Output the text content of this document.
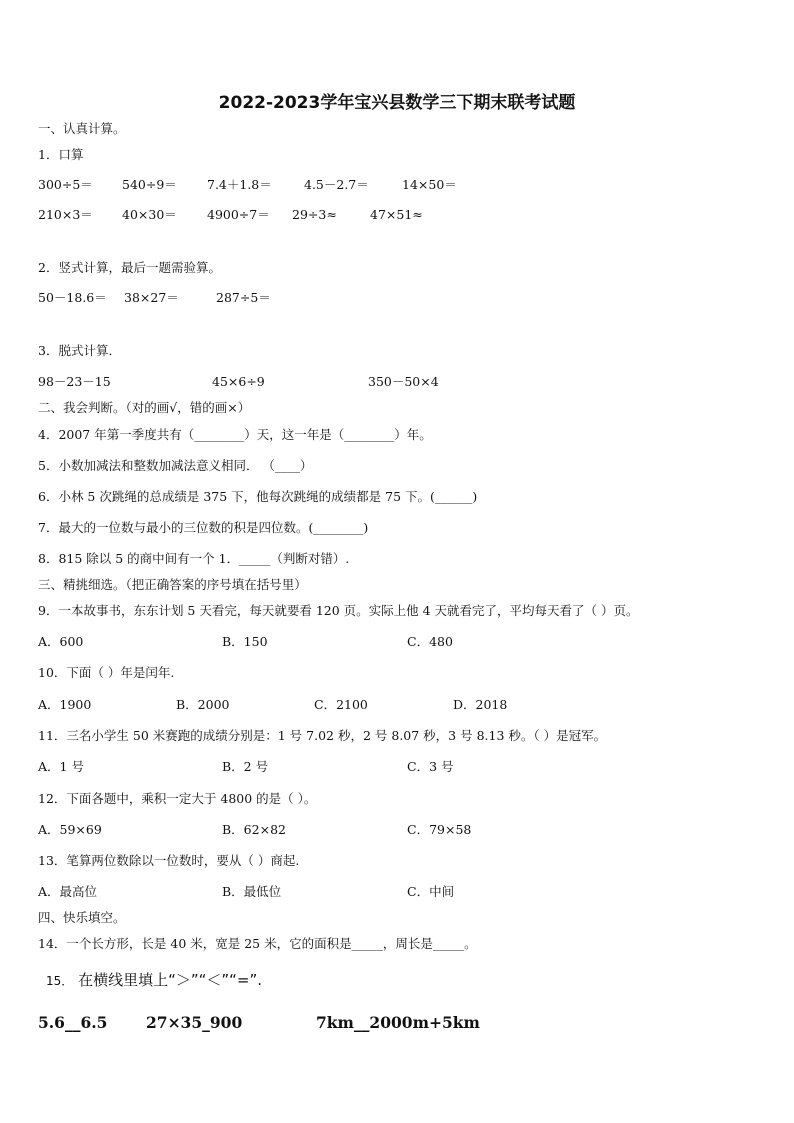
2022-2023学年宝兴县数学三下期末联考试题
一、认真计算。
1．口算
300÷5＝ 540÷9＝ 7.4＋1.8＝	4.5－2.7＝	14×50＝
210×3＝ 40×30＝ 4900÷7＝ 29÷3≈	47×51≈
2．竖式计算，最后一题需验算。
50－18.6＝ 38×27＝	287÷5＝
3．脱式计算．
98－23－15	45×6÷9	350－50×4
二、我会判断。（对的画√，错的画×）
4．2007 年第一季度共有（________）天，这一年是（________）年。
5．小数加减法和整数加减法意义相同． （____）
6．小林 5 次跳绳的总成绩是 375 下，他每次跳绳的成绩都是 75 下。(______)
7．最大的一位数与最小的三位数的积是四位数。(________)
8．815 除以 5 的商中间有一个 1．_____（判断对错）.
三、精挑细选。（把正确答案的序号填在括号里）
9．一本故事书，东东计划 5 天看完，每天就要看 120 页。实际上他 4 天就看完了，平均每天看了（ ）页。
A．600	B．150	C．480
10．下面（ ）年是闰年.
A．1900	B．2000	C．2100	D．2018
11．三名小学生 50 米赛跑的成绩分别是：1 号 7.02 秒，2 号 8.07 秒，3 号 8.13 秒。（ ）是冠军。
A．1 号	B．2 号	C．3 号
12．下面各题中，乘积一定大于 4800 的是（ ）。
A．59×69	B．62×82	C．79×58
13．笔算两位数除以一位数时，要从（ ）商起.
A．最高位	B．最低位	C．中间
四、快乐填空。
14．一个长方形，长是 40 米，宽是 25 米，它的面积是_____，周长是_____。
15． 在横线里填上“＞”“＜”“=”.
5.6__6.5 27×35_900	7km__2000m+5km
